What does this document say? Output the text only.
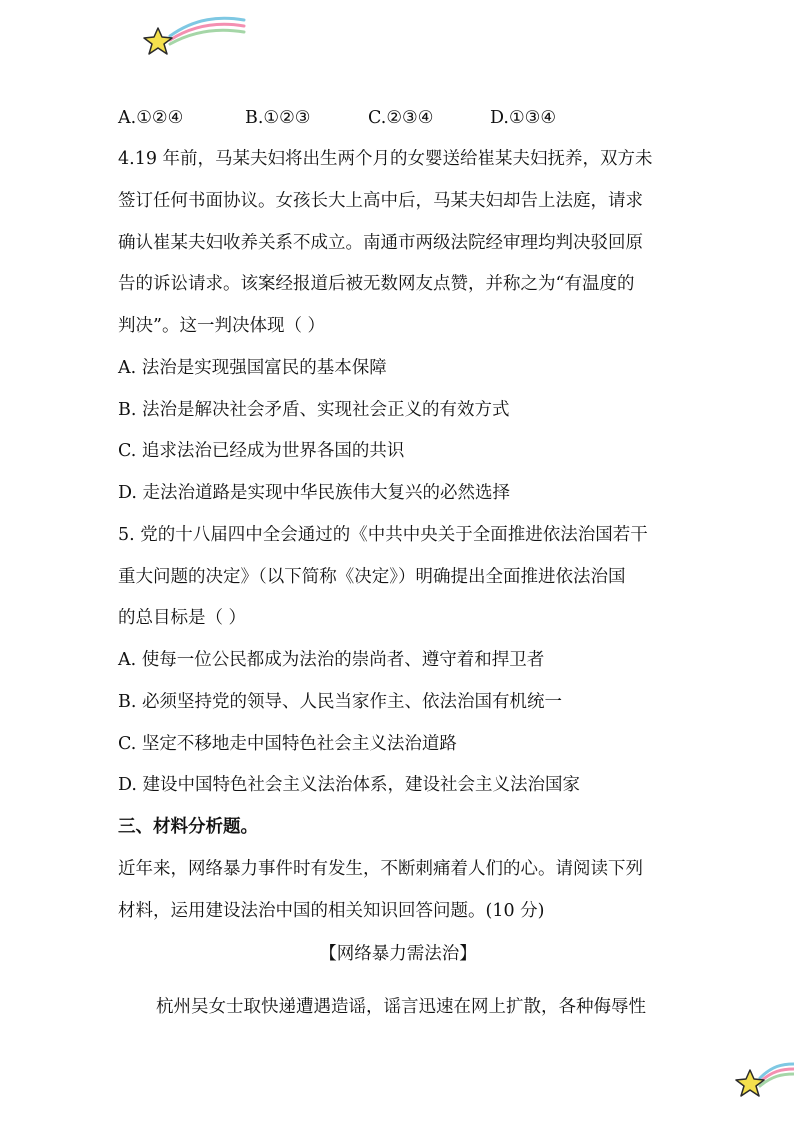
A.①②④	B.①②③	C.②③④	D.①③④
4.19 年前，马某夫妇将出生两个月的女婴送给崔某夫妇抚养，双方未
签订任何书面协议。女孩长大上高中后，马某夫妇却告上法庭，请求
确认崔某夫妇收养关系不成立。南通市两级法院经审理均判决驳回原
告的诉讼请求。该案经报道后被无数网友点赞，并称之为“有温度的
判决”。这一判决体现（ ）
A. 法治是实现强国富民的基本保障
B. 法治是解决社会矛盾、实现社会正义的有效方式
C. 追求法治已经成为世界各国的共识
D. 走法治道路是实现中华民族伟大复兴的必然选择
5. 党的十八届四中全会通过的《中共中央关于全面推进依法治国若干
重大问题的决定》（以下简称《决定》）明确提出全面推进依法治国
的总目标是（ ）
A. 使每一位公民都成为法治的崇尚者、遵守着和捍卫者
B. 必须坚持党的领导、人民当家作主、依法治国有机统一
C. 坚定不移地走中国特色社会主义法治道路
D. 建设中国特色社会主义法治体系，建设社会主义法治国家
三、材料分析题。
近年来，网络暴力事件时有发生，不断刺痛着人们的心。请阅读下列
材料，运用建设法治中国的相关知识回答问题。(10 分)
【网络暴力需法治】
杭州吴女士取快递遭遇造谣，谣言迅速在网上扩散，各种侮辱性
